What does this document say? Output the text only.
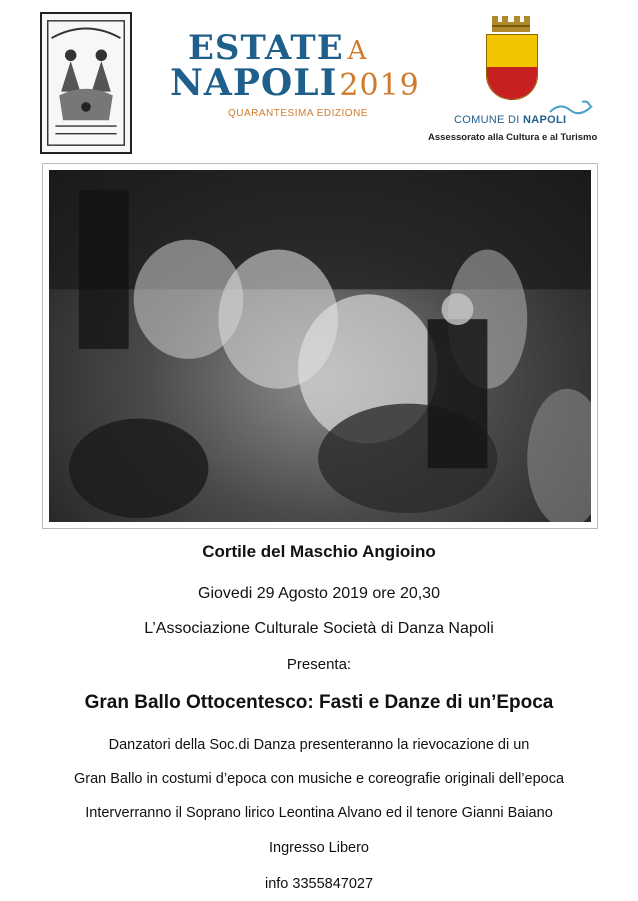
ESTATE A
NAPOLI2019
QUARANTESIMA EDIZIONE
COMUNE DI NAPOLI
Assessorato alla Cultura e al Turismo
Cortile del Maschio Angioino
Giovedi 29 Agosto 2019 ore 20,30
L’Associazione Culturale Società di Danza Napoli
Presenta:
Gran Ballo Ottocentesco: Fasti e Danze di un’Epoca
Danzatori della Soc.di Danza presenteranno la rievocazione di un
Gran Ballo in costumi d’epoca con musiche e coreografie originali dell’epoca
Interverranno il Soprano lirico Leontina Alvano ed il tenore Gianni Baiano
Ingresso Libero
info 3355847027
